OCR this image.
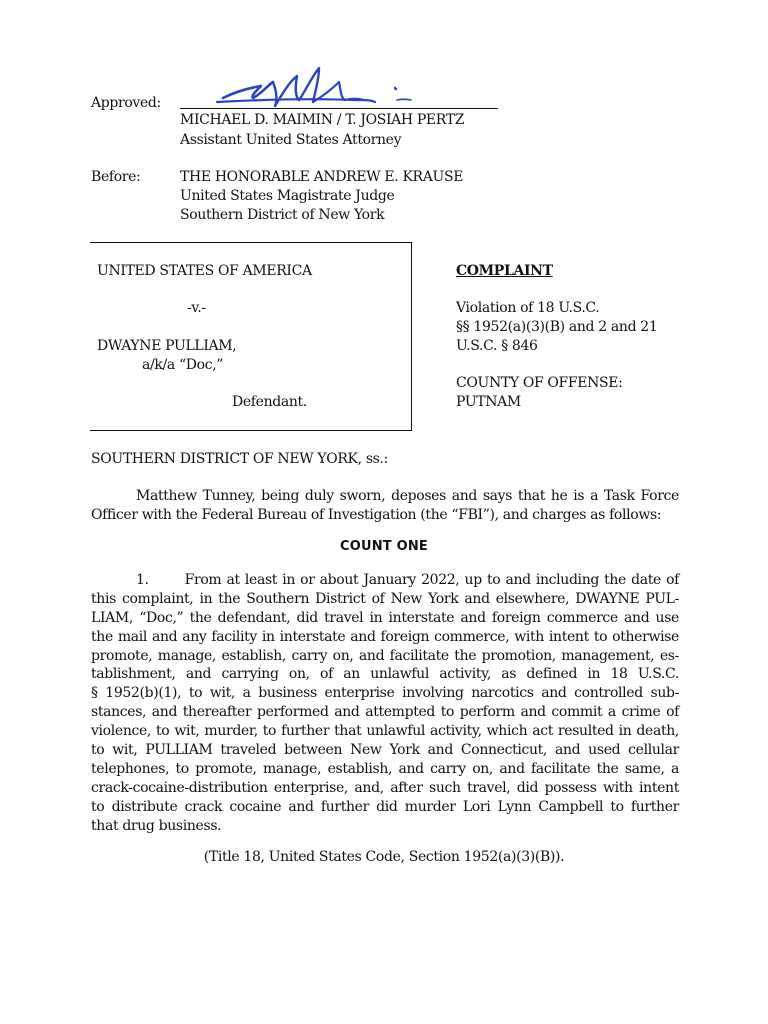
Approved:
MICHAEL D. MAIMIN / T. JOSIAH PERTZ
Assistant United States Attorney
Before:	THE HONORABLE ANDREW E. KRAUSE
United States Magistrate Judge
Southern District of New York
UNITED STATES OF AMERICA
-v.-
DWAYNE PULLIAM,
a/k/a “Doc,”
Defendant.
COMPLAINT
Violation of 18 U.S.C.
§§ 1952(a)(3)(B) and 2 and 21
U.S.C. § 846
COUNTY OF OFFENSE:
PUTNAM
SOUTHERN DISTRICT OF NEW YORK, ss.:
Matthew Tunney, being duly sworn, deposes and says that he is a Task Force
Officer with the Federal Bureau of Investigation (the “FBI”), and charges as follows:
COUNT ONE
1.       From at least in or about January 2022, up to and including the date of
this complaint, in the Southern District of New York and elsewhere, DWAYNE PUL-
LIAM, “Doc,” the defendant, did travel in interstate and foreign commerce and use
the mail and any facility in interstate and foreign commerce, with intent to otherwise
promote, manage, establish, carry on, and facilitate the promotion, management, es-
tablishment, and carrying on, of an unlawful activity, as defined in 18 U.S.C.
§ 1952(b)(1), to wit, a business enterprise involving narcotics and controlled sub-
stances, and thereafter performed and attempted to perform and commit a crime of
violence, to wit, murder, to further that unlawful activity, which act resulted in death,
to wit, PULLIAM traveled between New York and Connecticut, and used cellular
telephones, to promote, manage, establish, and carry on, and facilitate the same, a
crack-cocaine-distribution enterprise, and, after such travel, did possess with intent
to distribute crack cocaine and further did murder Lori Lynn Campbell to further
that drug business.
(Title 18, United States Code, Section 1952(a)(3)(B)).
